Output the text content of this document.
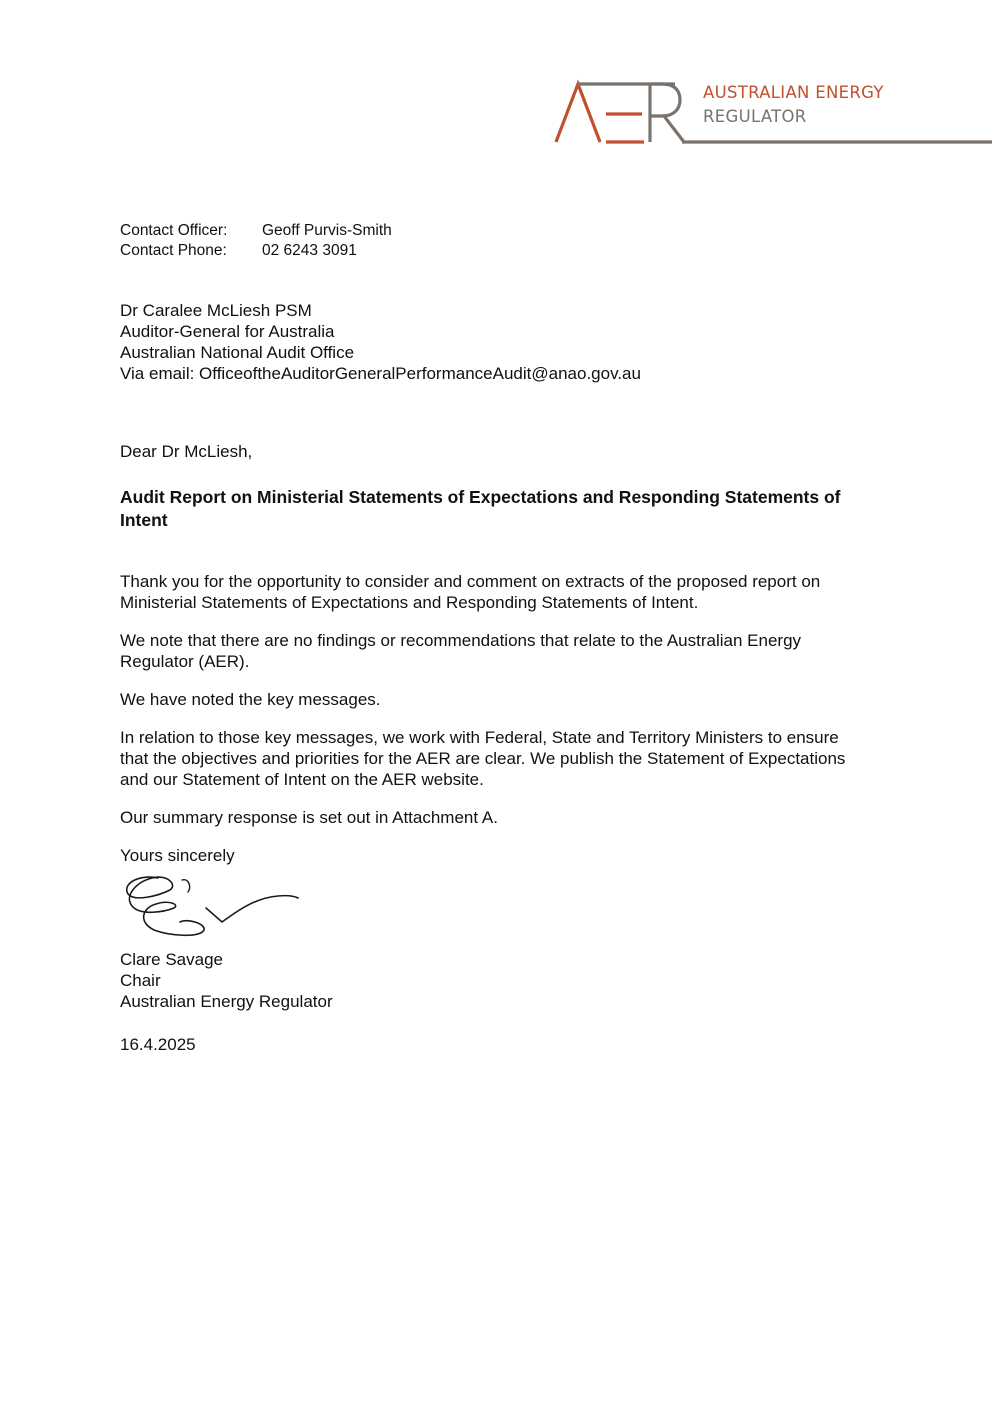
AUSTRALIAN ENERGY
REGULATOR
Contact Officer:	Geoff Purvis-Smith
Contact Phone:	02 6243 3091
Dr Caralee McLiesh PSM
Auditor-General for Australia
Australian National Audit Office
Via email: OfficeoftheAuditorGeneralPerformanceAudit@anao.gov.au
Dear Dr McLiesh,
Audit Report on Ministerial Statements of Expectations and Responding Statements of Intent

Thank you for the opportunity to consider and comment on extracts of the proposed report on Ministerial Statements of Expectations and Responding Statements of Intent.

We note that there are no findings or recommendations that relate to the Australian Energy Regulator (AER).

We have noted the key messages.

In relation to those key messages, we work with Federal, State and Territory Ministers to ensure that the objectives and priorities for the AER are clear. We publish the Statement of Expectations and our Statement of Intent on the AER website.

Our summary response is set out in Attachment A.

Yours sincerely

Clare Savage
Chair
Australian Energy Regulator
16.4.2025
